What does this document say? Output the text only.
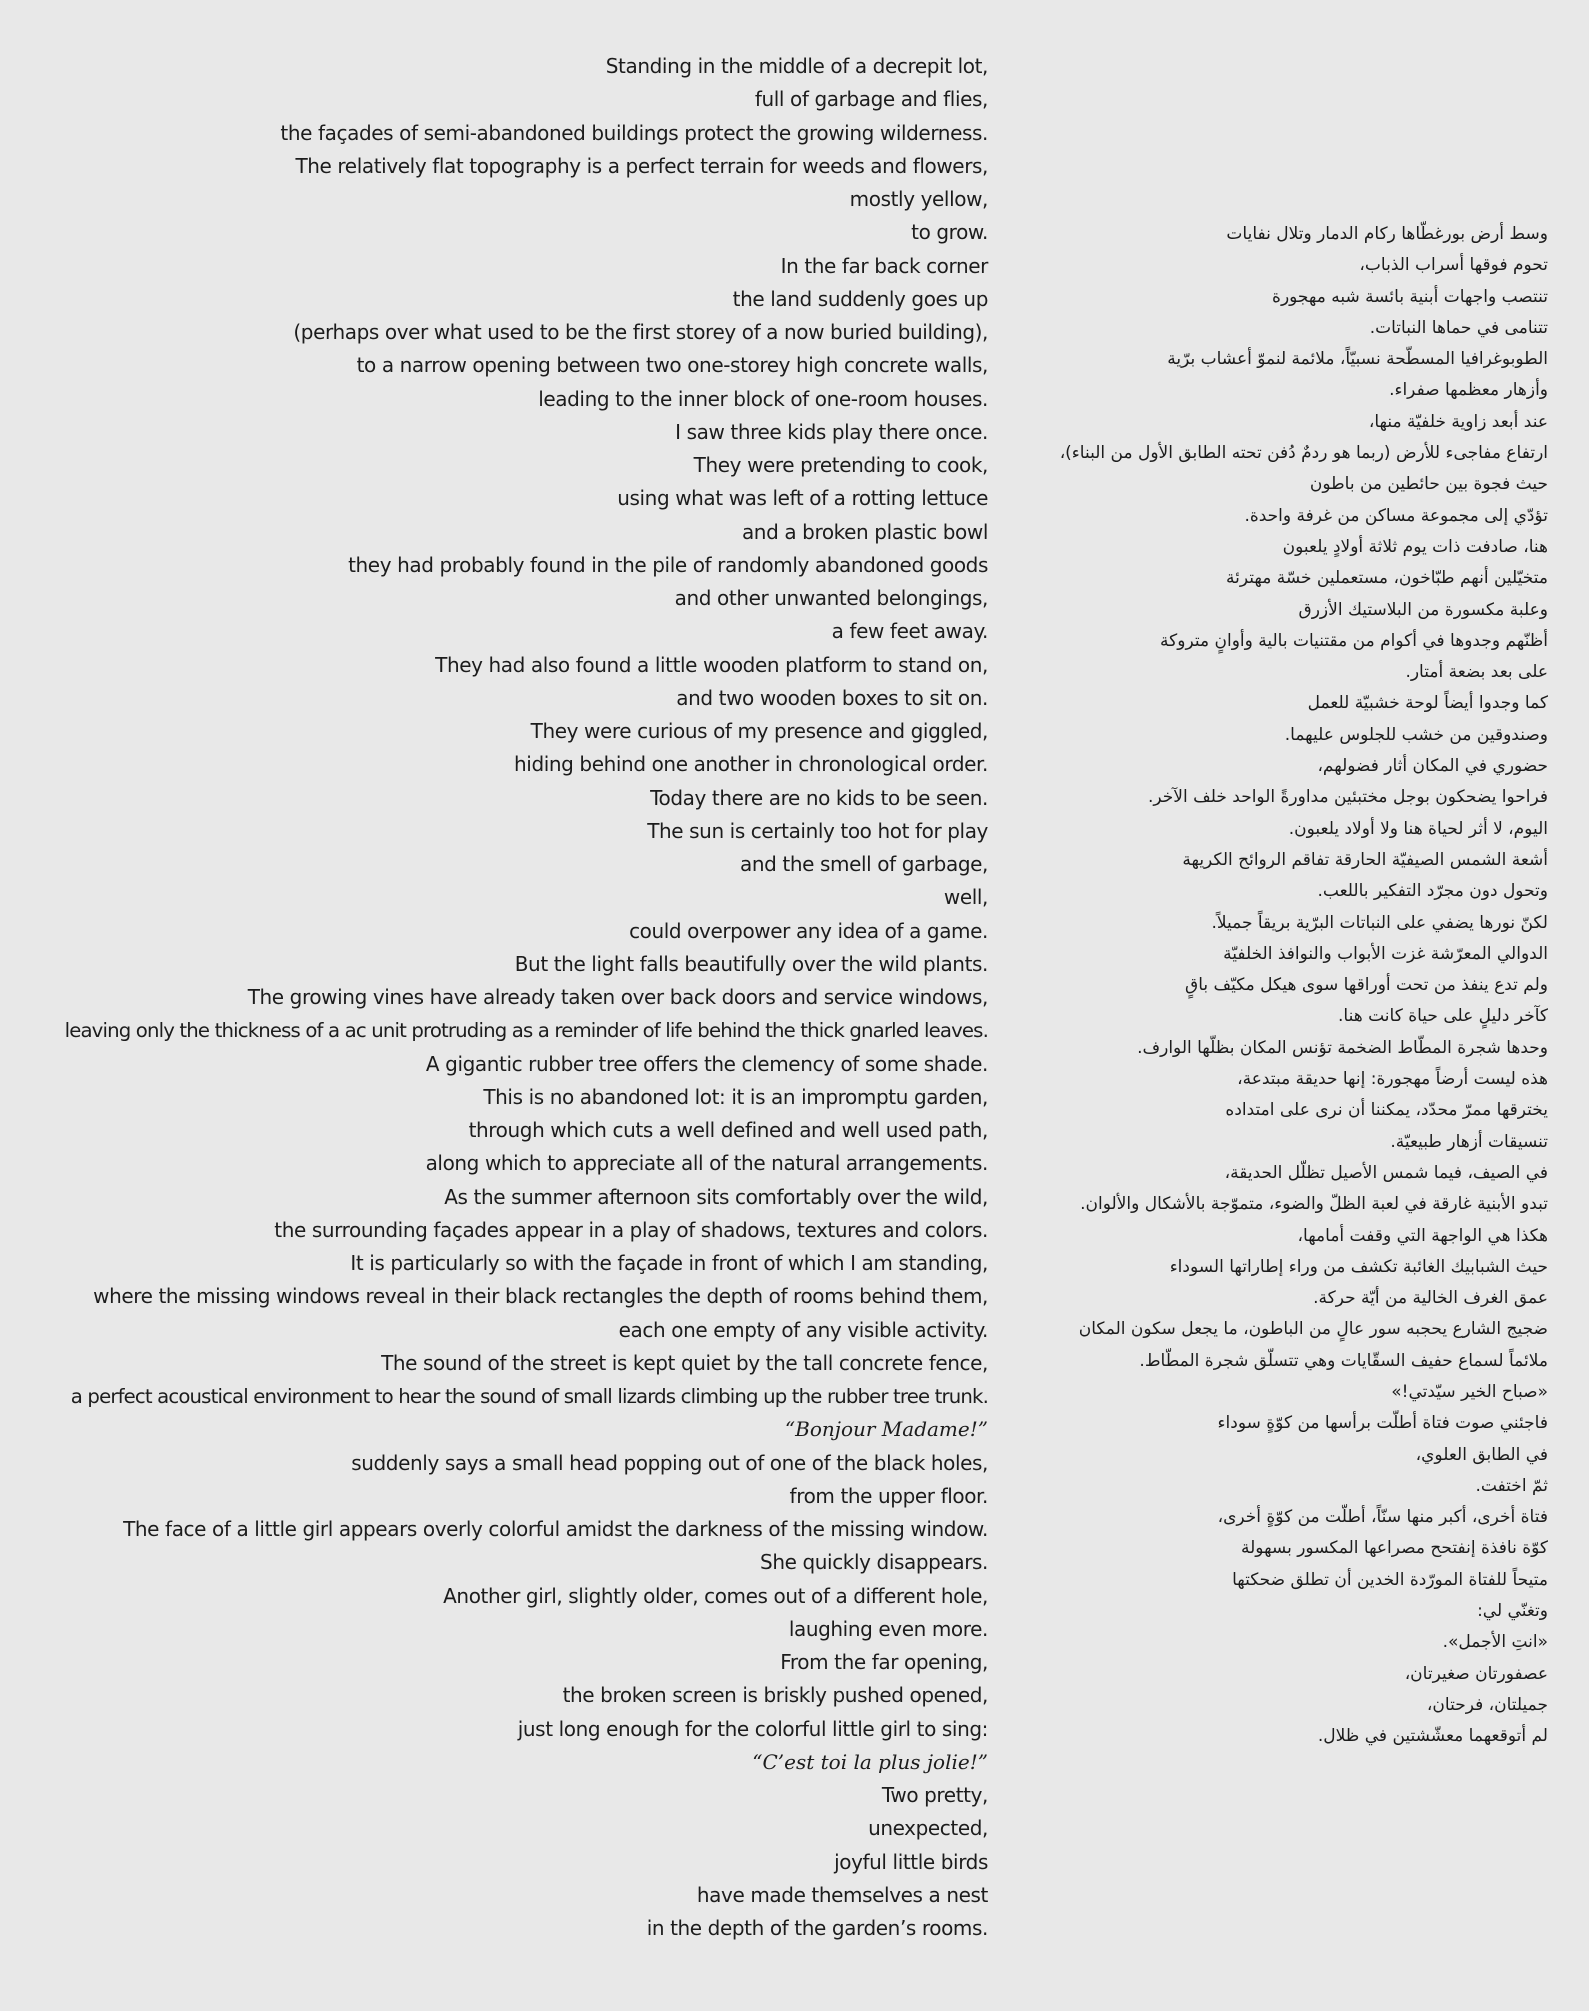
Standing in the middle of a decrepit lot,
full of garbage and flies,
the façades of semi-abandoned buildings protect the growing wilderness.
The relatively flat topography is a perfect terrain for weeds and flowers,
mostly yellow,
to grow.
In the far back corner
the land suddenly goes up
(perhaps over what used to be the first storey of a now buried building),
to a narrow opening between two one-storey high concrete walls,
leading to the inner block of one-room houses.
I saw three kids play there once.
They were pretending to cook,
using what was left of a rotting lettuce
and a broken plastic bowl
they had probably found in the pile of randomly abandoned goods
and other unwanted belongings,
a few feet away.
They had also found a little wooden platform to stand on,
and two wooden boxes to sit on.
They were curious of my presence and giggled,
hiding behind one another in chronological order.
Today there are no kids to be seen.
The sun is certainly too hot for play
and the smell of garbage,
well,
could overpower any idea of a game.
But the light falls beautifully over the wild plants.
The growing vines have already taken over back doors and service windows,
leaving only the thickness of a ac unit protruding as a reminder of life behind the thick gnarled leaves.
A gigantic rubber tree offers the clemency of some shade.
This is no abandoned lot: it is an impromptu garden,
through which cuts a well defined and well used path,
along which to appreciate all of the natural arrangements.
As the summer afternoon sits comfortably over the wild,
the surrounding façades appear in a play of shadows, textures and colors.
It is particularly so with the façade in front of which I am standing,
where the missing windows reveal in their black rectangles the depth of rooms behind them,
each one empty of any visible activity.
The sound of the street is kept quiet by the tall concrete fence,
a perfect acoustical environment to hear the sound of small lizards climbing up the rubber tree trunk.
“Bonjour Madame!”
suddenly says a small head popping out of one of the black holes,
from the upper floor.
The face of a little girl appears overly colorful amidst the darkness of the missing window.
She quickly disappears.
Another girl, slightly older, comes out of a different hole,
laughing even more.
From the far opening,
the broken screen is briskly pushed opened,
just long enough for the colorful little girl to sing:
“C’est toi la plus jolie!”
Two pretty,
unexpected,
joyful little birds
have made themselves a nest
in the depth of the garden’s rooms.
وسط أرض بورغطّاها ركام الدمار وتلال نفايات
تحوم فوقها أسراب الذباب،
تنتصب واجهات أبنية بائسة شبه مهجورة
تتنامى في حماها النباتات.
الطوبوغرافيا المسطّحة نسبيّاً، ملائمة لنموّ أعشاب برّية
وأزهار معظمها صفراء.
عند أبعد زاوية خلفيّة منها،
ارتفاع مفاجىء للأرض (ربما هو ردمٌ دُفن تحته الطابق الأول من البناء)،
حيث فجوة بين حائطين من باطون
تؤدّي إلى مجموعة مساكن من غرفة واحدة.
هنا، صادفت ذات يوم ثلاثة أولادٍ يلعبون
متخيّلين أنهم طبّاخون، مستعملين خسّة مهترئة
وعلبة مكسورة من البلاستيك الأزرق
أظنّهم وجدوها في أكوام من مقتنيات بالية وأوانٍ متروكة
على بعد بضعة أمتار.
كما وجدوا أيضاً لوحة خشبيّة للعمل
وصندوقين من خشب للجلوس عليهما.
حضوري في المكان أثار فضولهم،
فراحوا يضحكون بوجل مختبئين مداورةً الواحد خلف الآخر.
اليوم، لا أثر لحياة هنا ولا أولاد يلعبون.
أشعة الشمس الصيفيّة الحارقة تفاقم الروائح الكريهة
وتحول دون مجرّد التفكير باللعب.
لكنّ نورها يضفي على النباتات البرّية بريقاً جميلاً.
الدوالي المعرّشة غزت الأبواب والنوافذ الخلفيّة
ولم تدع ينفذ من تحت أوراقها سوى هيكل مكيّف باقٍ
كآخر دليلٍ على حياة كانت هنا.
وحدها شجرة المطّاط الضخمة تؤنس المكان بظلّها الوارف.
هذه ليست أرضاً مهجورة: إنها حديقة مبتدعة،
يخترقها ممرّ محدّد، يمكننا أن نرى على امتداده
تنسيقات أزهار طبيعيّة.
في الصيف، فيما شمس الأصيل تظلّل الحديقة،
تبدو الأبنية غارقة في لعبة الظلّ والضوء، متموّجة بالأشكال والألوان.
هكذا هي الواجهة التي وقفت أمامها،
حيث الشبابيك الغائبة تكشف من وراء إطاراتها السوداء
عمق الغرف الخالية من أيّة حركة.
ضجيج الشارع يحجبه سور عالٍ من الباطون، ما يجعل سكون المكان
ملائماً لسماع حفيف السقّايات وهي تتسلّق شجرة المطّاط.
«صباح الخير سيّدتي!»
فاجئني صوت فتاة أطلّت برأسها من كوّةٍ سوداء
في الطابق العلوي،
ثمّ اختفت.
فتاة أخرى، أكبر منها سنّاً، أطلّت من كوّةٍ أخرى،
كوّة نافذة إنفتحح مصراعها المكسور بسهولة
متيحاً للفتاة المورّدة الخدين أن تطلق ضحكتها
وتغنّي لي:
«انتِ الأجمل».
عصفورتان صغيرتان،
جميلتان، فرحتان،
لم أتوقعهما معشّشتين في ظلال.
